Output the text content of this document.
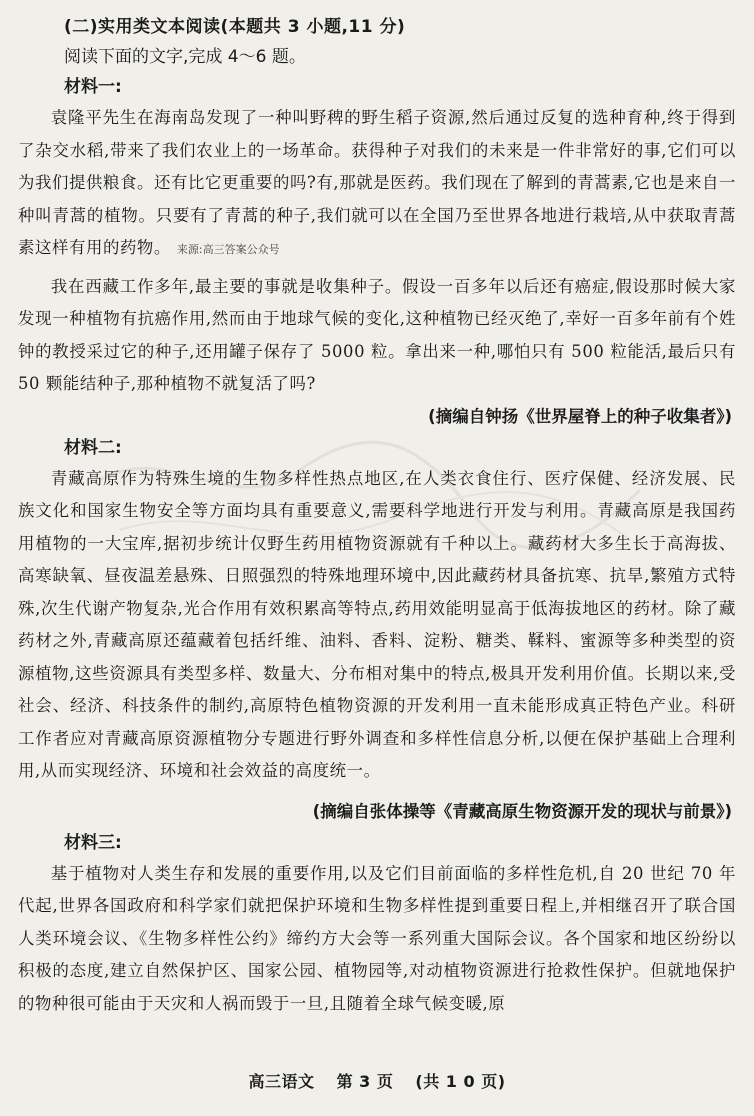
(二)实用类文本阅读(本题共 3 小题,11 分)
阅读下面的文字,完成 4～6 题。
材料一:

袁隆平先生在海南岛发现了一种叫野稗的野生稻子资源,然后通过反复的选种育种,终于得到了杂交水稻,带来了我们农业上的一场革命。获得种子对我们的未来是一件非常好的事,它们可以为我们提供粮食。还有比它更重要的吗?有,那就是医药。我们现在了解到的青蒿素,它也是来自一种叫青蒿的植物。只要有了青蒿的种子,我们就可以在全国乃至世界各地进行栽培,从中获取青蒿素这样有用的药物。 来源:高三答案公众号

我在西藏工作多年,最主要的事就是收集种子。假设一百多年以后还有癌症,假设那时候大家发现一种植物有抗癌作用,然而由于地球气候的变化,这种植物已经灭绝了,幸好一百多年前有个姓钟的教授采过它的种子,还用罐子保存了 5000 粒。拿出来一种,哪怕只有 500 粒能活,最后只有 50 颗能结种子,那种植物不就复活了吗?

(摘编自钟扬《世界屋脊上的种子收集者》)
材料二:

青藏高原作为特殊生境的生物多样性热点地区,在人类衣食住行、医疗保健、经济发展、民族文化和国家生物安全等方面均具有重要意义,需要科学地进行开发与利用。青藏高原是我国药用植物的一大宝库,据初步统计仅野生药用植物资源就有千种以上。藏药材大多生长于高海拔、高寒缺氧、昼夜温差悬殊、日照强烈的特殊地理环境中,因此藏药材具备抗寒、抗旱,繁殖方式特殊,次生代谢产物复杂,光合作用有效积累高等特点,药用效能明显高于低海拔地区的药材。除了藏药材之外,青藏高原还蕴藏着包括纤维、油料、香料、淀粉、糖类、鞣料、蜜源等多种类型的资源植物,这些资源具有类型多样、数量大、分布相对集中的特点,极具开发利用价值。长期以来,受社会、经济、科技条件的制约,高原特色植物资源的开发利用一直未能形成真正特色产业。科研工作者应对青藏高原资源植物分专题进行野外调查和多样性信息分析,以便在保护基础上合理利用,从而实现经济、环境和社会效益的高度统一。

(摘编自张体操等《青藏高原生物资源开发的现状与前景》)
材料三:

基于植物对人类生存和发展的重要作用,以及它们目前面临的多样性危机,自 20 世纪 70 年代起,世界各国政府和科学家们就把保护环境和生物多样性提到重要日程上,并相继召开了联合国人类环境会议、《生物多样性公约》缔约方大会等一系列重大国际会议。各个国家和地区纷纷以积极的态度,建立自然保护区、国家公园、植物园等,对动植物资源进行抢救性保护。但就地保护的物种很可能由于天灾和人祸而毁于一旦,且随着全球气候变暖,原

高三语文 第 3 页 (共 1 0 页)
